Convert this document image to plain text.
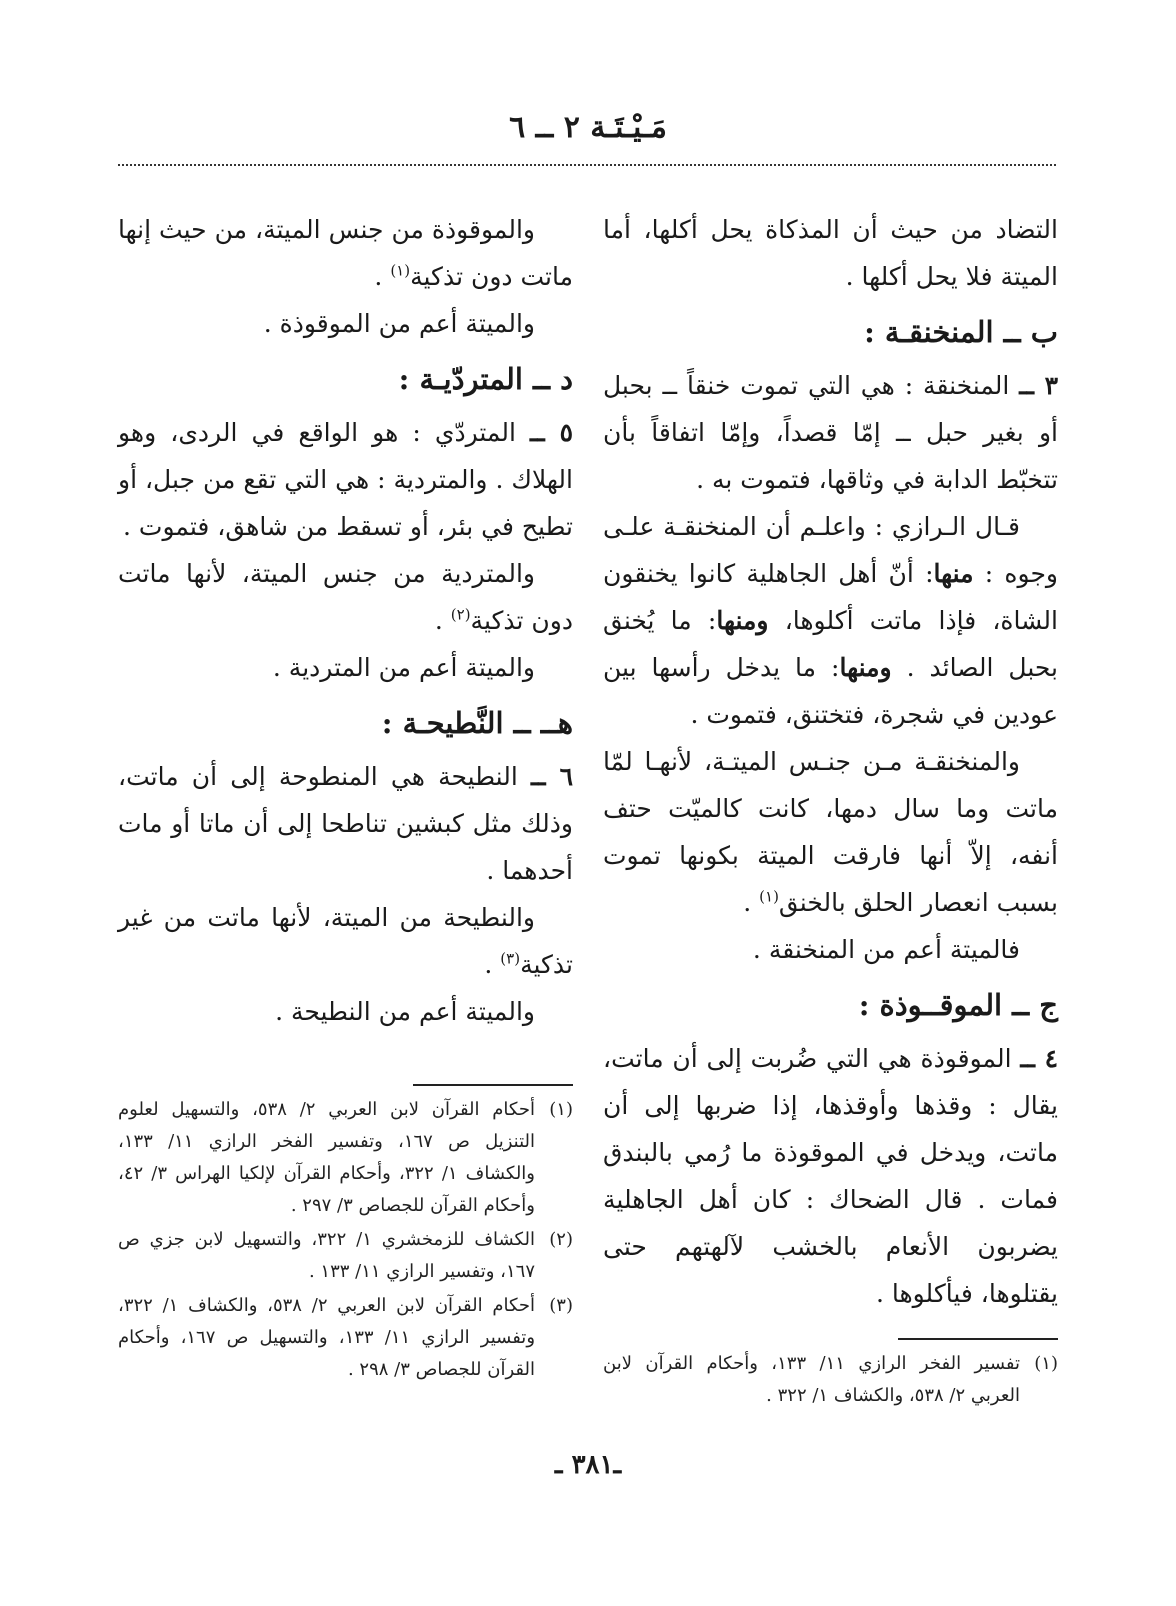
مَـيْـتَـة ٢ ــ ٦

التضاد من حيث أن المذكاة يحل أكلها، أما الميتة فلا يحل أكلها .

ب ــ المنخنقـة :

٣ ــ المنخنقة : هي التي تموت خنقاً ــ بحبل أو بغير حبل ــ إمّا قصداً، وإمّا اتفاقاً بأن تتخبّط الدابة في وثاقها، فتموت به .

قـال الـرازي : واعلـم أن المنخنقـة علـى وجوه : منها: أنّ أهل الجاهلية كانوا يخنقون الشاة، فإذا ماتت أكلوها، ومنها: ما يُخنق بحبل الصائد . ومنها: ما يدخل رأسها بين عودين في شجرة، فتختنق، فتموت .

والمنخنقـة مـن جنـس الميتـة، لأنهـا لمّا ماتت وما سال دمها، كانت كالميّت حتف أنفه، إلاّ أنها فارقت الميتة بكونها تموت بسبب انعصار الحلق بالخنق$^{(١)}$ .

فالميتة أعم من المنخنقة .

ج ــ الموقــوذة :

٤ ــ الموقوذة هي التي ضُربت إلى أن ماتت، يقال : وقذها وأوقذها، إذا ضربها إلى أن ماتت، ويدخل في الموقوذة ما رُمي بالبندق فمات . قال الضحاك : كان أهل الجاهلية يضربون الأنعام بالخشب لآلهتهم حتى يقتلوها، فيأكلوها .

والموقوذة من جنس الميتة، من حيث إنها ماتت دون تذكية$^{(١)}$ .

والميتة أعم من الموقوذة .

د ــ المتردّيـة :

٥ ــ المتردّي : هو الواقع في الردى، وهو الهلاك . والمتردية : هي التي تقع من جبل، أو تطيح في بئر، أو تسقط من شاهق، فتموت .

والمتردية من جنس الميتة، لأنها ماتت دون تذكية$^{(٢)}$ .

والميتة أعم من المتردية .

هــ ــ النَّطيحـة :

٦ ــ النطيحة هي المنطوحة إلى أن ماتت، وذلك مثل كبشين تناطحا إلى أن ماتا أو مات أحدهما .

والنطيحة من الميتة، لأنها ماتت من غير تذكية$^{(٣)}$ .

والميتة أعم من النطيحة .

(١)
تفسير الفخر الرازي ١١/ ١٣٣، وأحكام القرآن لابن العربي ٢/ ٥٣٨، والكشاف ١/ ٣٢٢ .
(١)
أحكام القرآن لابن العربي ٢/ ٥٣٨، والتسهيل لعلوم التنزيل ص ١٦٧، وتفسير الفخر الرازي ١١/ ١٣٣، والكشاف ١/ ٣٢٢، وأحكام القرآن لإلكيا الهراس ٣/ ٤٢، وأحكام القرآن للجصاص ٣/ ٢٩٧ .
(٢)
الكشاف للزمخشري ١/ ٣٢٢، والتسهيل لابن جزي ص ١٦٧، وتفسير الرازي ١١/ ١٣٣ .
(٣)
أحكام القرآن لابن العربي ٢/ ٥٣٨، والكشاف ١/ ٣٢٢، وتفسير الرازي ١١/ ١٣٣، والتسهيل ص ١٦٧، وأحكام القرآن للجصاص ٣/ ٢٩٨ .
ـ٣٨١ ـ
